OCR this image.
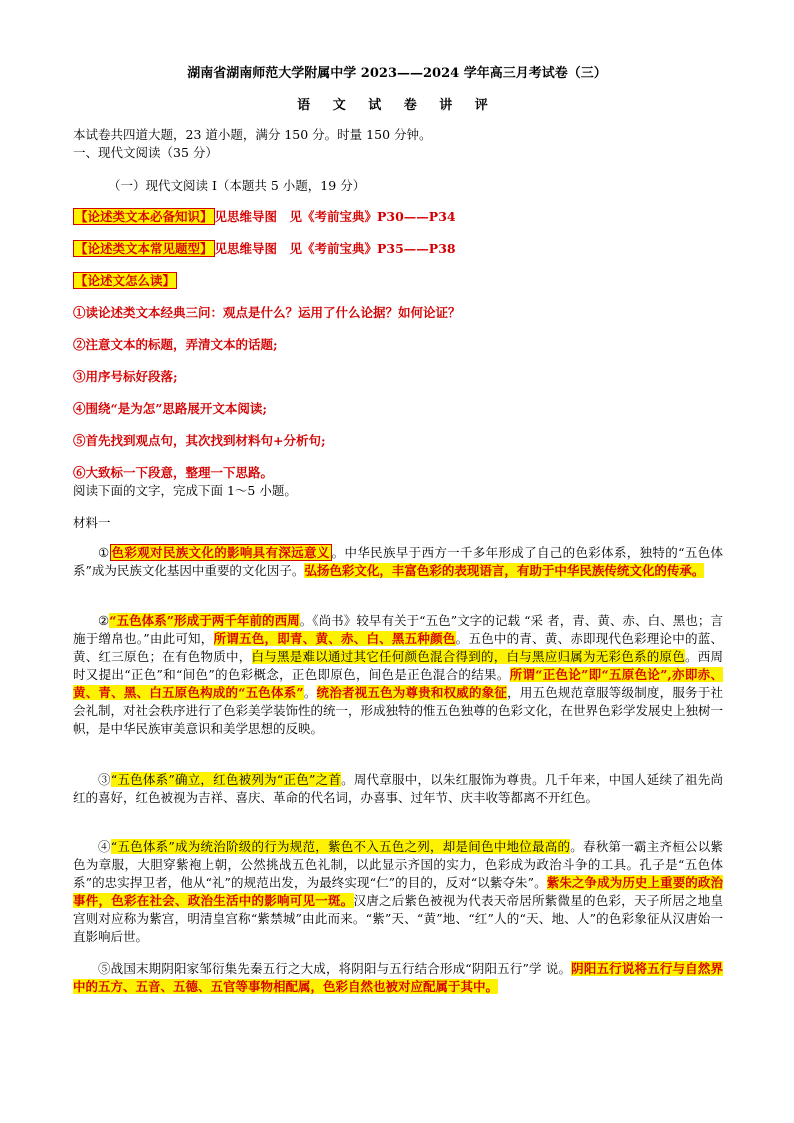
湖南省湖南师范大学附属中学 2023——2024 学年高三月考试卷（三）
语 文 试 卷 讲 评
本试卷共四道大题，23 道小题，满分 150 分。时量 150 分钟。
一、现代文阅读（35 分）
（一）现代文阅读 I（本题共 5 小题，19 分）
【论述类文本必备知识】 见思维导图　见《考前宝典》P30——P34
【论述类文本常见题型】 见思维导图　见《考前宝典》P35——P38
【论述文怎么读】
①读论述类文本经典三问：观点是什么？运用了什么论据？如何论证？
②注意文本的标题，弄清文本的话题;
③用序号标好段落;
④围绕“是为怎”思路展开文本阅读;
⑤首先找到观点句，其次找到材料句+分析句;
⑥大致标一下段意，整理一下思路。
阅读下面的文字，完成下面 1～5 小题。
材料一
① 色彩观对民族文化的影响具有深远意义 。中华民族早于西方一千多年形成了自己的色彩体系，独特的“五色体系”成为民族文化基因中重要的文化因子。弘扬色彩文化，丰富色彩的表现语言，有助于中华民族传统文化的传承。
②“五色体系”形成于两千年前的西周。《尚书》较早有关于“五色”文字的记载 “采 者，青、黄、赤、白、黑也；言施于缯帛也。”由此可知，所谓五色，即青、黄、赤、白、黑五种颜色。五色中的青、黄、赤即现代色彩理论中的蓝、黄、红三原色；在有色物质中，白与黑是难以通过其它任何颜色混合得到的，白与黑应归属为无彩色系的原色。西周时又提出“正色”和“间色”的色彩概念，正色即原色，间色是正色混合的结果。所谓“正色论”即“五原色论”,亦即赤、黄、青、黑、白五原色构成的“五色体系”。统治者视五色为尊贵和权威的象征，用五色规范章服等级制度，服务于社会礼制，对社会秩序进行了色彩美学装饰性的统一，形成独特的惟五色独尊的色彩文化，在世界色彩学发展史上独树一帜，是中华民族审美意识和美学思想的反映。
③“五色体系”确立，红色被列为“正色”之首。周代章服中，以朱红服饰为尊贵。几千年来，中国人延续了祖先尚红的喜好，红色被视为吉祥、喜庆、革命的代名词，办喜事、过年节、庆丰收等都离不开红色。
④“五色体系”成为统治阶级的行为规范，紫色不入五色之列，却是间色中地位最高的。春秋第一霸主齐桓公以紫色为章服，大胆穿紫袍上朝，公然挑战五色礼制，以此显示齐国的实力，色彩成为政治斗争的工具。孔子是“五色体系”的忠实捍卫者，他从“礼”的规范出发，为最终实现“仁”的目的，反对“以紫夺朱”。紫朱之争成为历史上重要的政治事件，色彩在社会、政治生活中的影响可见一斑。汉唐之后紫色被视为代表天帝居所紫微星的色彩，天子所居之地皇宫则对应称为紫宫，明清皇宫称“紫禁城”由此而来。“紫”天、“黄”地、“红”人的“天、地、人”的色彩象征从汉唐始一直影响后世。
⑤战国末期阴阳家邹衍集先秦五行之大成，将阴阳与五行结合形成“阴阳五行”学 说。阴阳五行说将五行与自然界中的五方、五音、五德、五官等事物相配属，色彩自然也被对应配属于其中。
